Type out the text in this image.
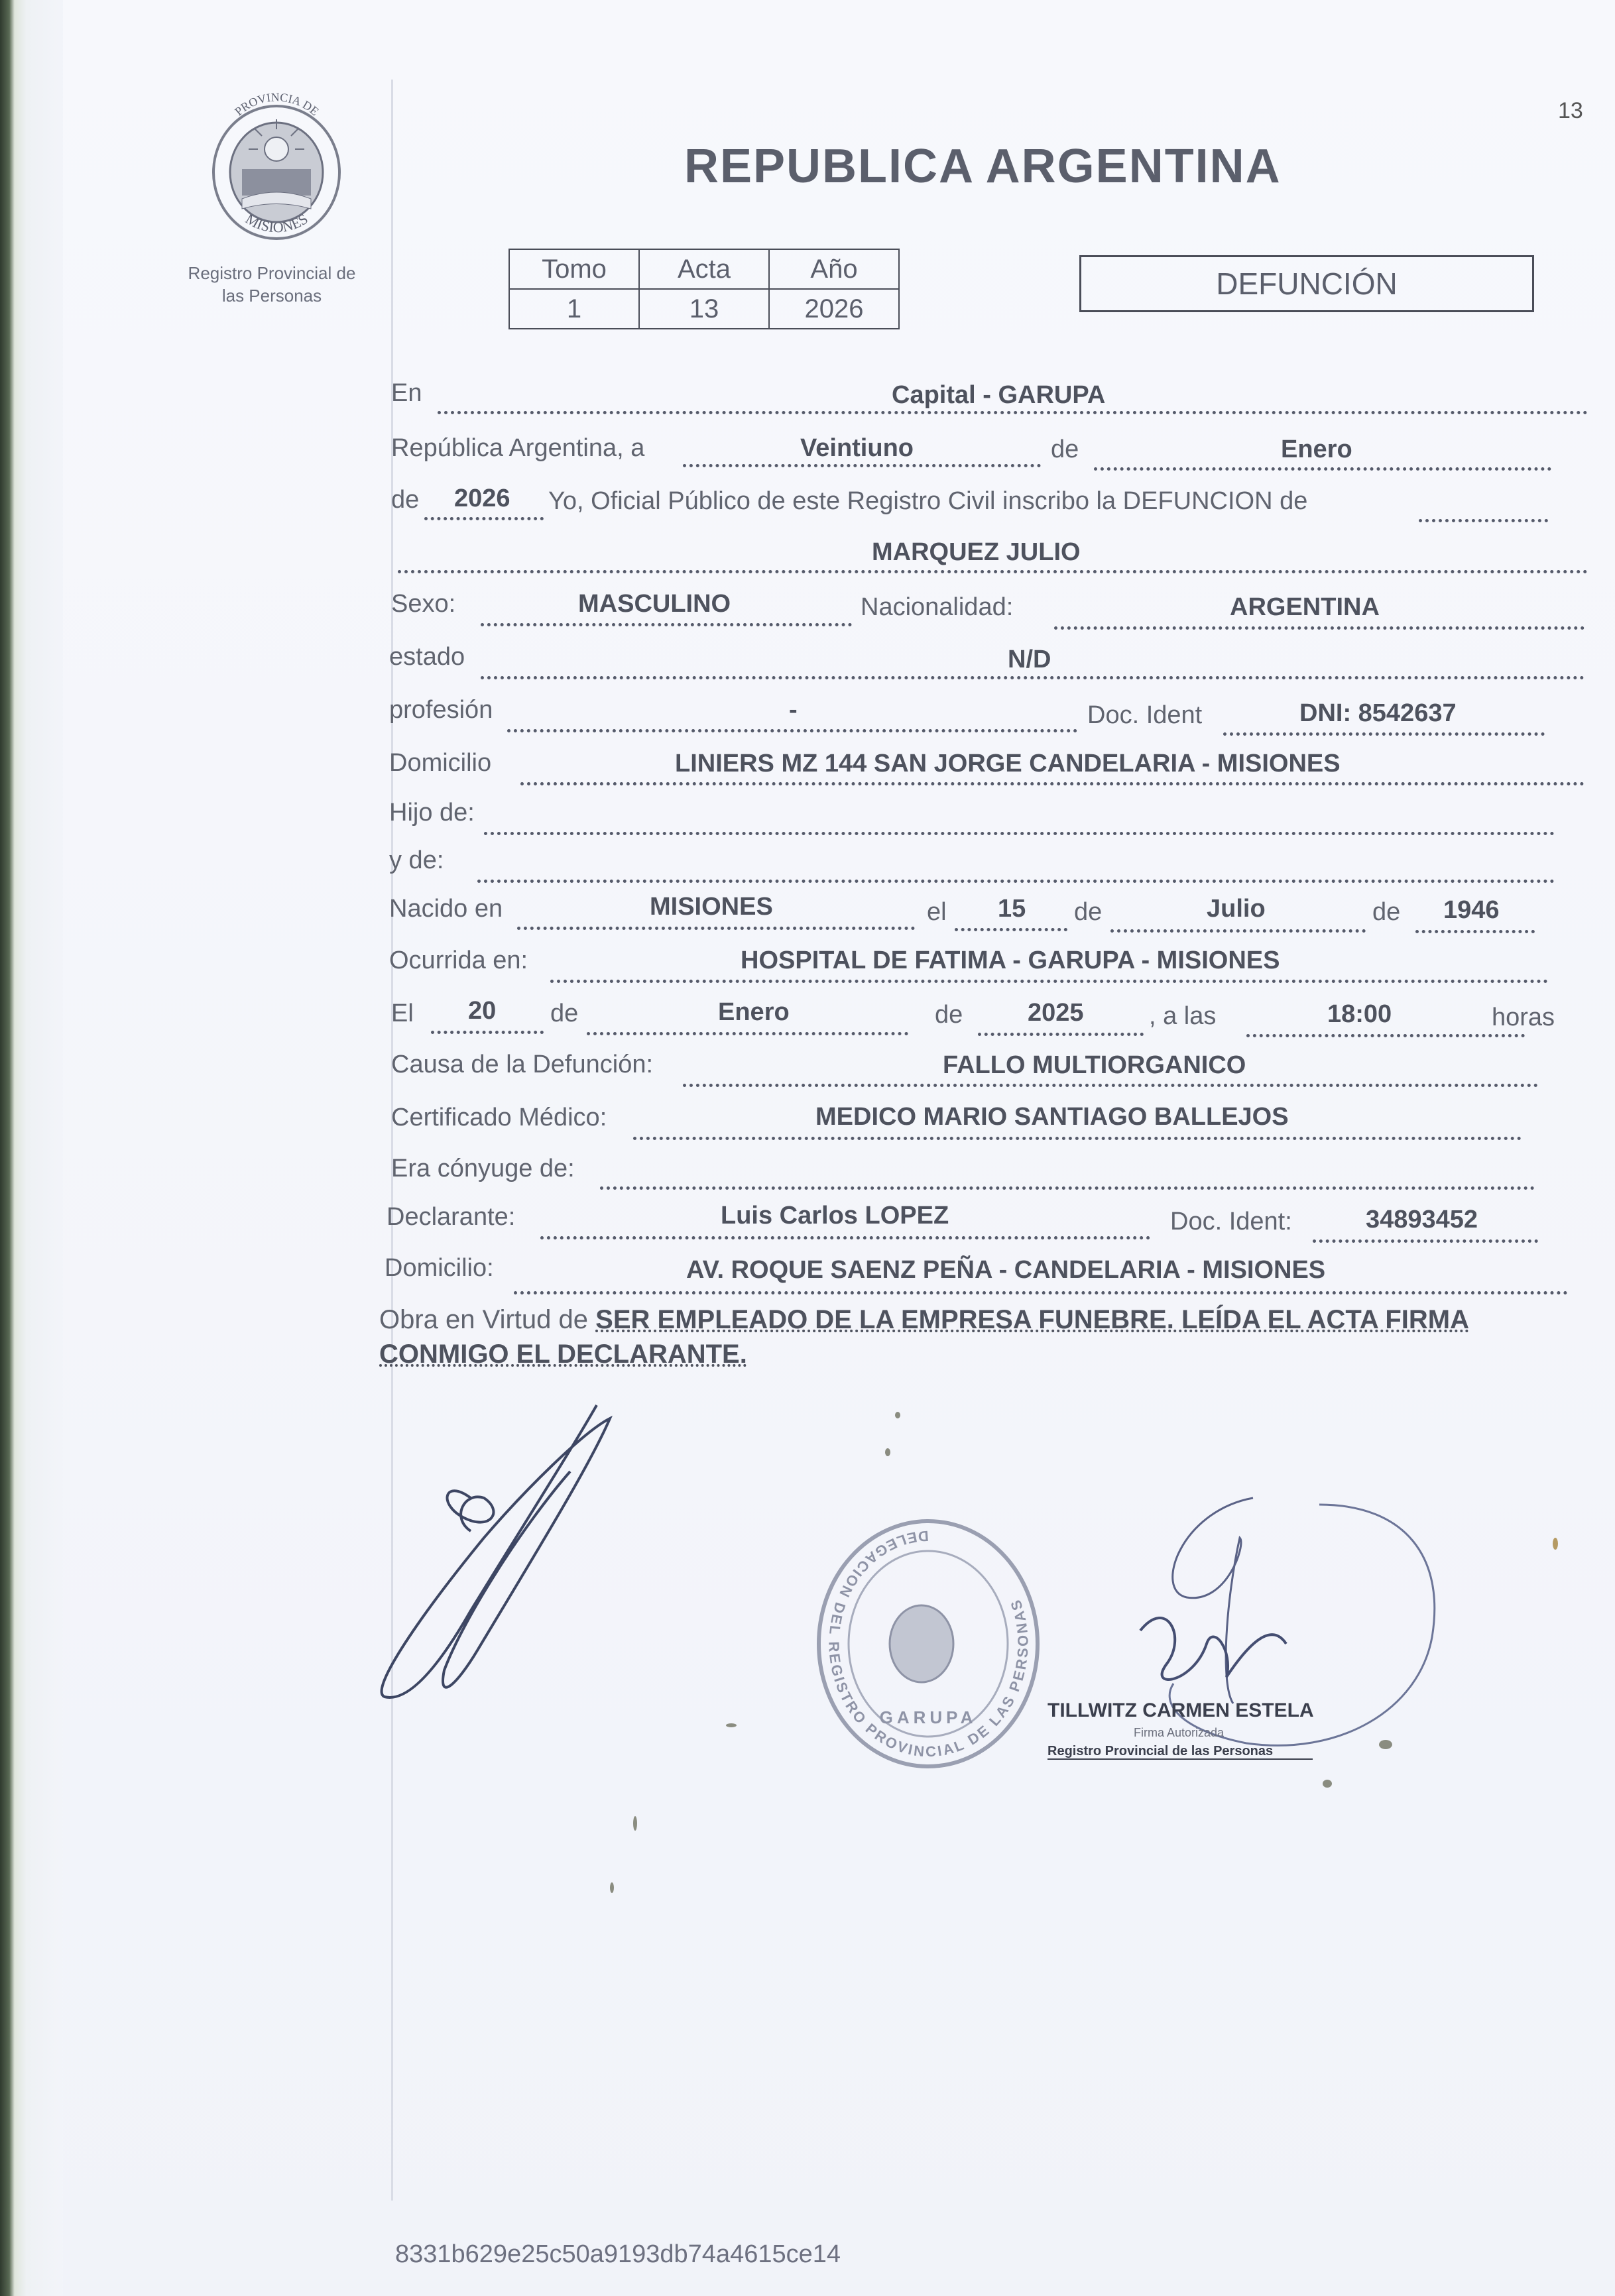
PROVINCIA DE
MISIONES
Registro Provincial de
las Personas
13
REPUBLICA ARGENTINA
Tomo	Acta	Año
1	13	2026
DEFUNCIÓN
En	Capital - GARUPA
República Argentina, a	Veintiuno	de	Enero
de 2026 Yo, Oficial Público de este Registro Civil inscribo la DEFUNCION de
MARQUEZ JULIO
Sexo:	MASCULINO	Nacionalidad:	ARGENTINA
estado	N/D
profesión	-	Doc. Ident	DNI: 8542637
Domicilio	LINIERS MZ 144 SAN JORGE CANDELARIA - MISIONES
Hijo de:
y de:
Nacido en	MISIONES	el 15 de	Julio	de 1946
Ocurrida en:	HOSPITAL DE FATIMA - GARUPA - MISIONES
El 20 de	Enero	de	2025	, a las	18:00	horas
Causa de la Defunción:	FALLO MULTIORGANICO
Certificado Médico:	MEDICO MARIO SANTIAGO BALLEJOS
Era cónyuge de:
Declarante:	Luis Carlos LOPEZ	Doc. Ident:	34893452
Domicilio:	AV. ROQUE SAENZ PEÑA - CANDELARIA - MISIONES
Obra en Virtud de SER EMPLEADO DE LA EMPRESA FUNEBRE. LEÍDA EL ACTA FIRMA CONMIGO EL DECLARANTE.
DELEGACION DEL REGISTRO PROVINCIAL DE LAS PERSONAS
GARUPA	TILLWITZ CARMEN ESTELA
Firma Autorizada
Registro Provincial de las Personas
8331b629e25c50a9193db74a4615ce14
